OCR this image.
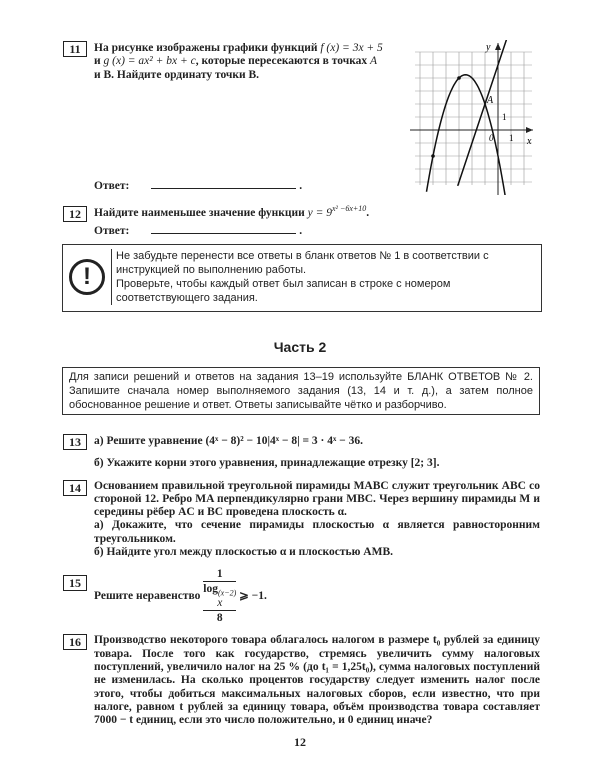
11	На рисунке изображены графики функций f (x) = 3x + 5
и g (x) = ax² + bx + c, которые пересекаются в точках A
и B. Найдите ординату точки B.
x
y
1
1
0
A
Ответ:	.
12	Найдите наименьшее значение функции $y = 9^{x^2 -6x+10}$.
Ответ:	.
!
Не забудьте перенести все ответы в бланк ответов № 1 в соответствии с инструкцией по выполнению работы.
Проверьте, чтобы каждый ответ был записан в строке с номером соответствующего задания.
Часть 2
Для записи решений и ответов на задания 13–19 используйте БЛАНК ОТВЕТОВ № 2. Запишите сначала номер выполняемого задания (13, 14 и т. д.), а затем полное обоснованное решение и ответ. Ответы записывайте чётко и разборчиво.
13	а) Решите уравнение (4ˣ − 8)² − 10|4ˣ − 8| = 3 · 4ˣ − 36.
б) Укажите корни этого уравнения, принадлежащие отрезку [2; 3].
14	Основанием правильной треугольной пирамиды MABC служит треугольник ABC со стороной 12. Ребро MA перпендикулярно грани MBC. Через вершину пирамиды M и середины рёбер AC и BC проведена плоскость α.
а) Докажите, что сечение пирамиды плоскостью α является равносторонним треугольником.
б) Найдите угол между плоскостью α и плоскостью AMB.
15
Решите неравенство 1
$\log_{(x-2)}$
x
8 ⩾ −1.
16	Производство некоторого товара облагалось налогом в размере t₀ рублей за единицу товара. После того как государство, стремясь увеличить сумму налоговых поступлений, увеличило налог на 25 % (до t₁ = 1,25t₀), сумма налоговых поступлений не изменилась. На сколько процентов государству следует изменить налог после этого, чтобы добиться максимальных налоговых сборов, если известно, что при налоге, равном t рублей за единицу товара, объём производства товара составляет 7000 − t единиц, если это число положительно, и 0 единиц иначе?
12
